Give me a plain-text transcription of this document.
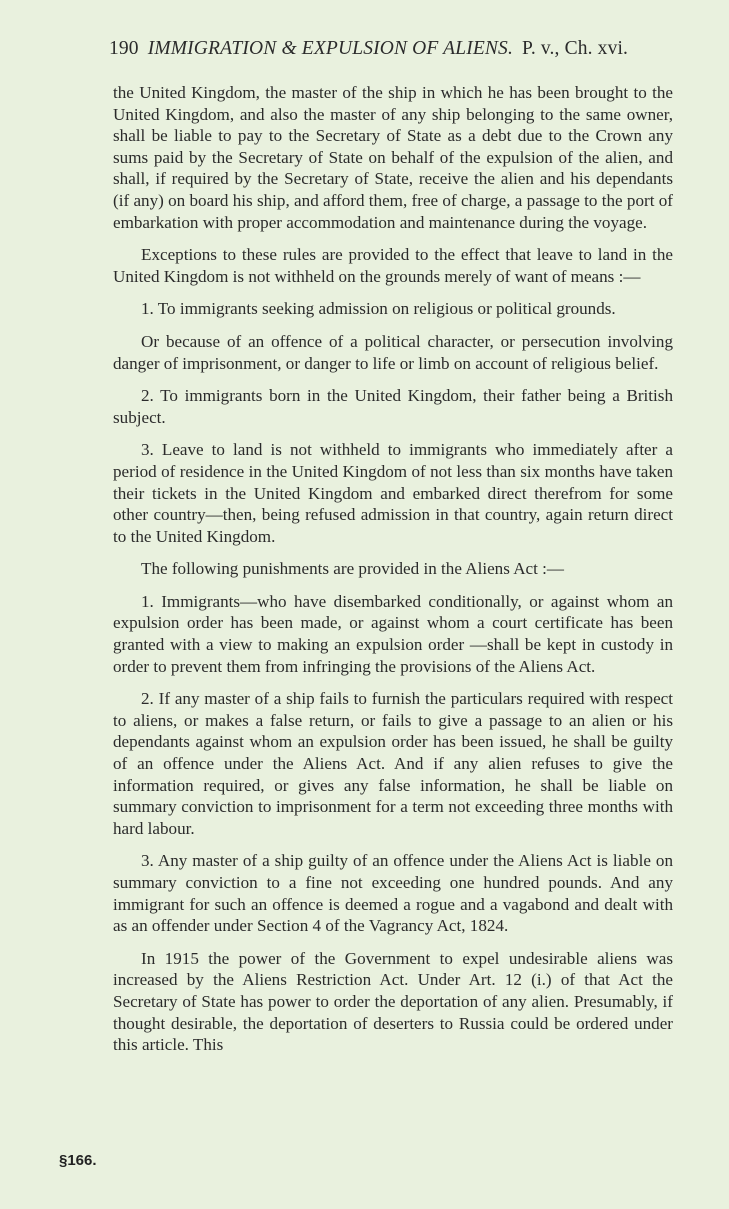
190 IMMIGRATION & EXPULSION OF ALIENS. P. v., Ch. xvi.

the United Kingdom, the master of the ship in which he has been brought to the United Kingdom, and also the master of any ship belonging to the same owner, shall be liable to pay to the Secretary of State as a debt due to the Crown any sums paid by the Secretary of State on behalf of the expulsion of the alien, and shall, if required by the Secretary of State, receive the alien and his dependants (if any) on board his ship, and afford them, free of charge, a passage to the port of embarkation with proper accommodation and maintenance during the voyage.

Exceptions to these rules are provided to the effect that leave to land in the United Kingdom is not withheld on the grounds merely of want of means :—

1. To immigrants seeking admission on religious or political grounds.

Or because of an offence of a political character, or persecution involving danger of imprisonment, or danger to life or limb on account of religious belief.

2. To immigrants born in the United Kingdom, their father being a British subject.

3. Leave to land is not withheld to immigrants who immediately after a period of residence in the United Kingdom of not less than six months have taken their tickets in the United Kingdom and embarked direct therefrom for some other country—then, being refused admission in that country, again return direct to the United Kingdom.

The following punishments are provided in the Aliens Act :—

1. Immigrants—who have disembarked conditionally, or against whom an expulsion order has been made, or against whom a court certificate has been granted with a view to making an expulsion order —shall be kept in custody in order to prevent them from infringing the provisions of the Aliens Act.

2. If any master of a ship fails to furnish the particulars required with respect to aliens, or makes a false return, or fails to give a passage to an alien or his dependants against whom an expulsion order has been issued, he shall be guilty of an offence under the Aliens Act. And if any alien refuses to give the information required, or gives any false information, he shall be liable on summary conviction to imprisonment for a term not exceeding three months with hard labour.

3. Any master of a ship guilty of an offence under the Aliens Act is liable on summary conviction to a fine not exceeding one hundred pounds. And any immigrant for such an offence is deemed a rogue and a vagabond and dealt with as an offender under Section 4 of the Vagrancy Act, 1824.

In 1915 the power of the Government to expel undesirable aliens was increased by the Aliens Restriction Act. Under Art. 12 (i.) of that Act the Secretary of State has power to order the deportation of any alien. Presumably, if thought desirable, the deportation of deserters to Russia could be ordered under this article. This

§166.
